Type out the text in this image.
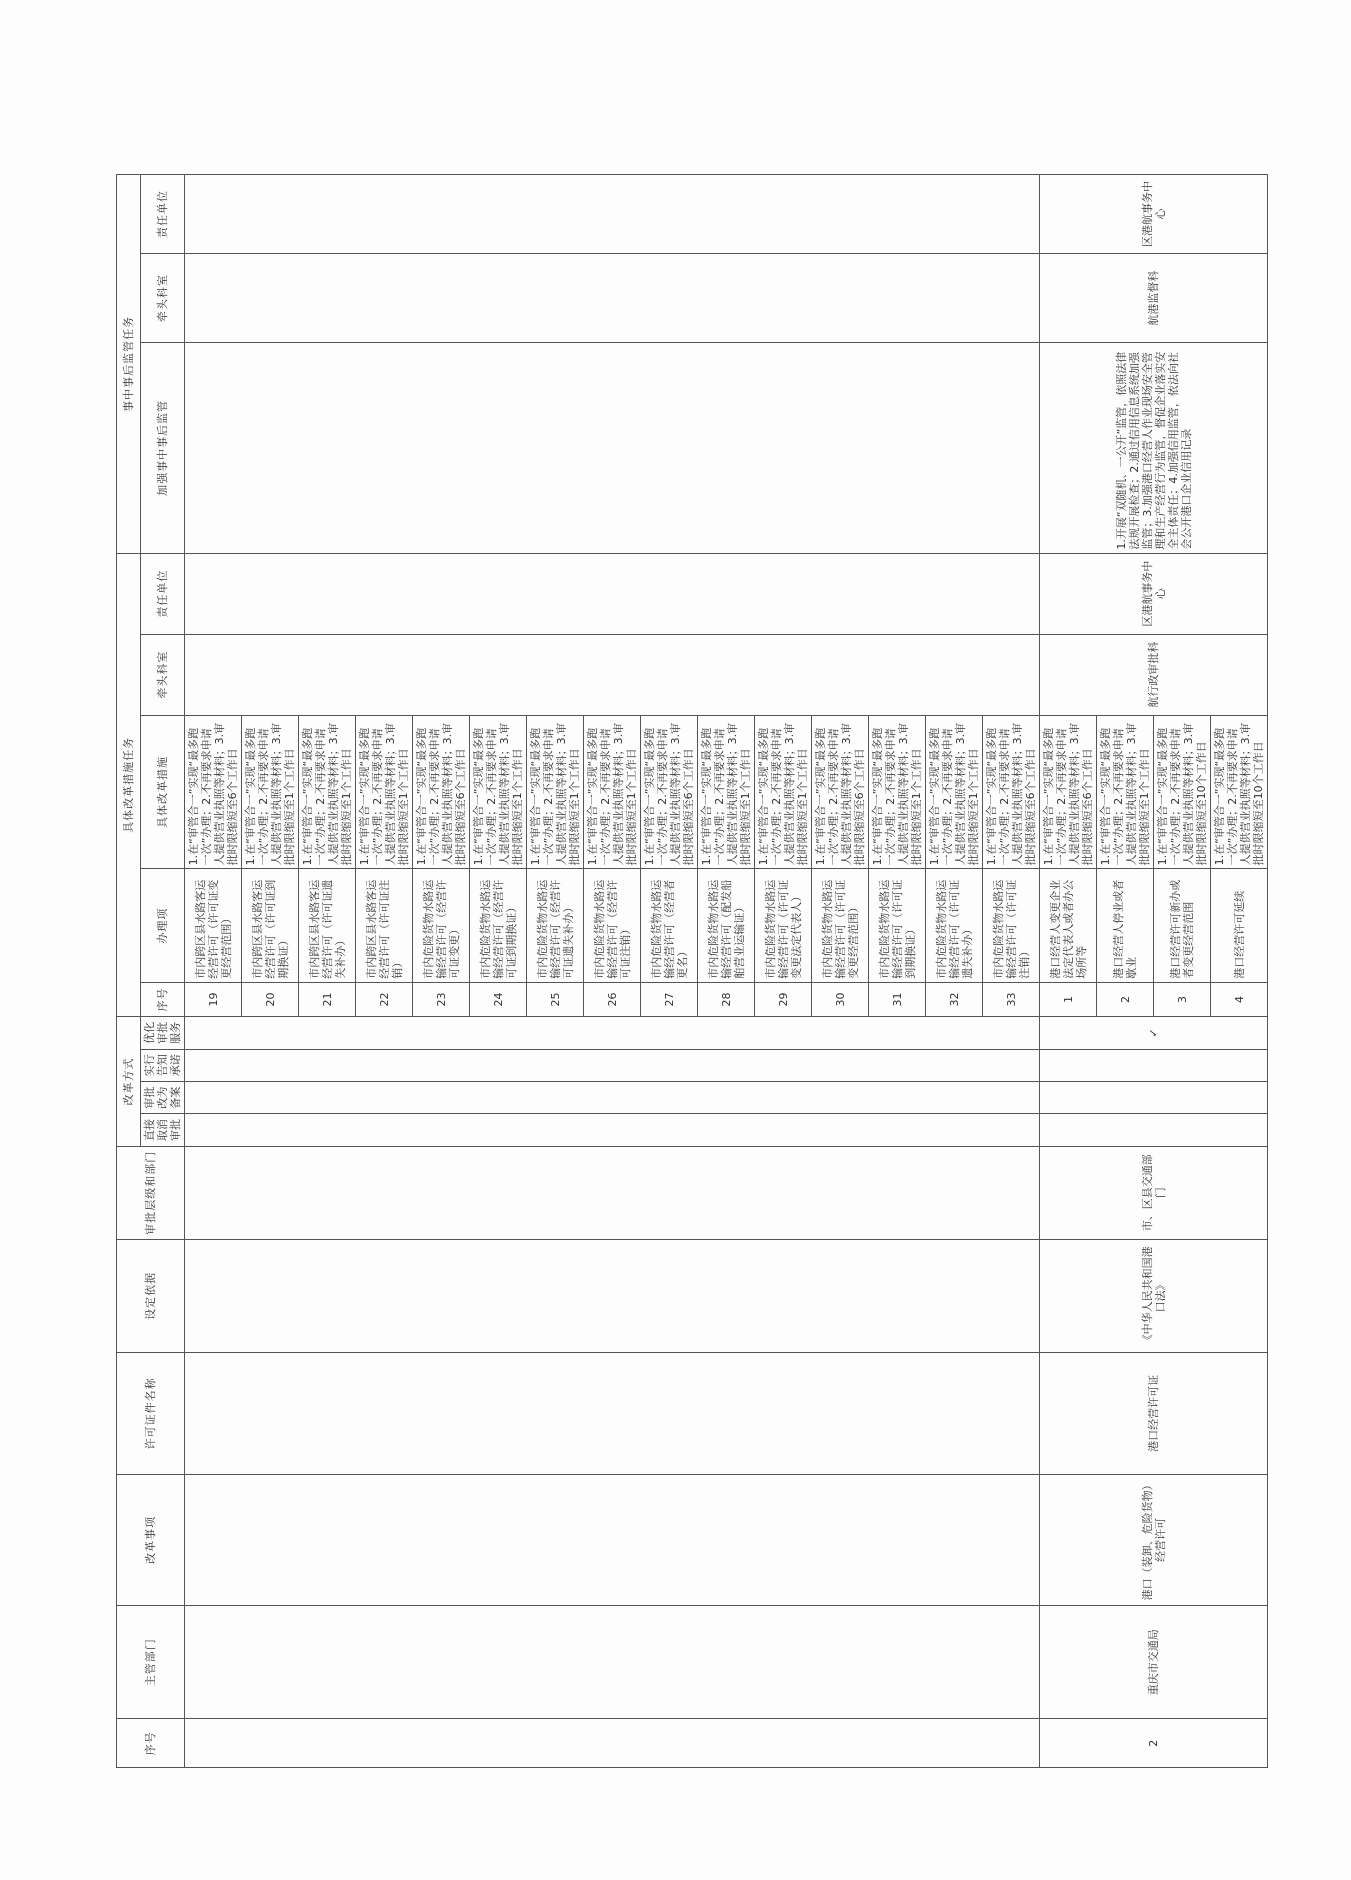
序号	主管部门	改革事项	许可证件名称	设定依据	审批层级和部门	改革方式				具体改革措施任务					事中事后监管任务		
						直接取消审批	审批改为备案	实行告知承诺	优化审批服务	序号	办理项	具体改革措施	牵头科室	责任单位	加强事中事后监管	牵头科室	责任单位

										19	市内跨区县水路客运经营许可（许可证变更经营范围）	1.在“审管合一”实现“最多跑一次”办理；2.不再要求申请人提供营业执照等材料；3.审批时限缩短至6个工作日					
										20	市内跨区县水路客运经营许可（许可证到期换证）	1.在“审管合一”实现“最多跑一次”办理；2.不再要求申请人提供营业执照等材料；3.审批时限缩短至1个工作日					
										21	市内跨区县水路客运经营许可（许可证遗失补办）	1.在“审管合一”实现“最多跑一次”办理；2.不再要求申请人提供营业执照等材料；3.审批时限缩短至1个工作日					
										22	市内跨区县水路客运经营许可（许可证注销）	1.在“审管合一”实现“最多跑一次”办理；2.不再要求申请人提供营业执照等材料；3.审批时限缩短至1个工作日					
										23	市内危险货物水路运输经营许可（经营许可证变更）	1.在“审管合一”实现“最多跑一次”办理；2.不再要求申请人提供营业执照等材料；3.审批时限缩短至6个工作日					
										24	市内危险货物水路运输经营许可（经营许可证到期换证）	1.在“审管合一”实现“最多跑一次”办理；2.不再要求申请人提供营业执照等材料；3.审批时限缩短至1个工作日					
										25	市内危险货物水路运输经营许可（经营许可证遗失补办）	1.在“审管合一”实现“最多跑一次”办理；2.不再要求申请人提供营业执照等材料；3.审批时限缩短至1个工作日					
										26	市内危险货物水路运输经营许可（经营许可证注销）	1.在“审管合一”实现“最多跑一次”办理；2.不再要求申请人提供营业执照等材料；3.审批时限缩短至1个工作日					
										27	市内危险货物水路运输经营许可（经营者更名）	1.在“审管合一”实现“最多跑一次”办理；2.不再要求申请人提供营业执照等材料；3.审批时限缩短至6个工作日					
										28	市内危险货物水路运输经营许可（配发船舶营业运输证）	1.在“审管合一”实现“最多跑一次”办理；2.不再要求申请人提供营业执照等材料；3.审批时限缩短至1个工作日					
										29	市内危险货物水路运输经营许可（许可证变更法定代表人）	1.在“审管合一”实现“最多跑一次”办理；2.不再要求申请人提供营业执照等材料；3.审批时限缩短至1个工作日					
										30	市内危险货物水路运输经营许可（许可证变更经营范围）	1.在“审管合一”实现“最多跑一次”办理；2.不再要求申请人提供营业执照等材料；3.审批时限缩短至6个工作日					
										31	市内危险货物水路运输经营许可（许可证到期换证）	1.在“审管合一”实现“最多跑一次”办理；2.不再要求申请人提供营业执照等材料；3.审批时限缩短至1个工作日					
										32	市内危险货物水路运输经营许可（许可证遗失补办）	1.在“审管合一”实现“最多跑一次”办理；2.不再要求申请人提供营业执照等材料；3.审批时限缩短至1个工作日					
										33	市内危险货物水路运输经营许可（许可证注销）	1.在“审管合一”实现“最多跑一次”办理；2.不再要求申请人提供营业执照等材料；3.审批时限缩短至6个工作日					
2	重庆市交通局	港口（装卸、危险货物）经营许可	港口经营许可证	《中华人民共和国港口法》	市、区县交通部门				✓	1	港口经营人变更企业法定代表人或者办公场所等	1.在“审管合一”实现“最多跑一次”办理；2.不再要求申请人提供营业执照等材料；3.审批时限缩短至6个工作日	航行政审批科	区港航事务中心	1.开展“双随机、一公开”监管，依照法律法规开展检查；2.通过信用信息系统加强监管；3.加强港口经营人作业现场安全管理和生产经营行为监管，督促企业落实安全主体责任；4.加强信用监管，依法向社会公开港口企业信用记录	航港监督科	区港航事务中心
										2	港口经营人停业或者歇业	1.在“审管合一”实现“最多跑一次”办理；2.不再要求申请人提供营业执照等材料；3.审批时限缩短至1个工作日					
										3	港口经营许可新办或者变更经营范围	1.在“审管合一”实现“最多跑一次”办理；2.不再要求申请人提供营业执照等材料；3.审批时限缩短至10个工作日					
										4	港口经营许可延续	1.在“审管合一”实现“最多跑一次”办理；2.不再要求申请人提供营业执照等材料；3.审批时限缩短至10个工作日					
